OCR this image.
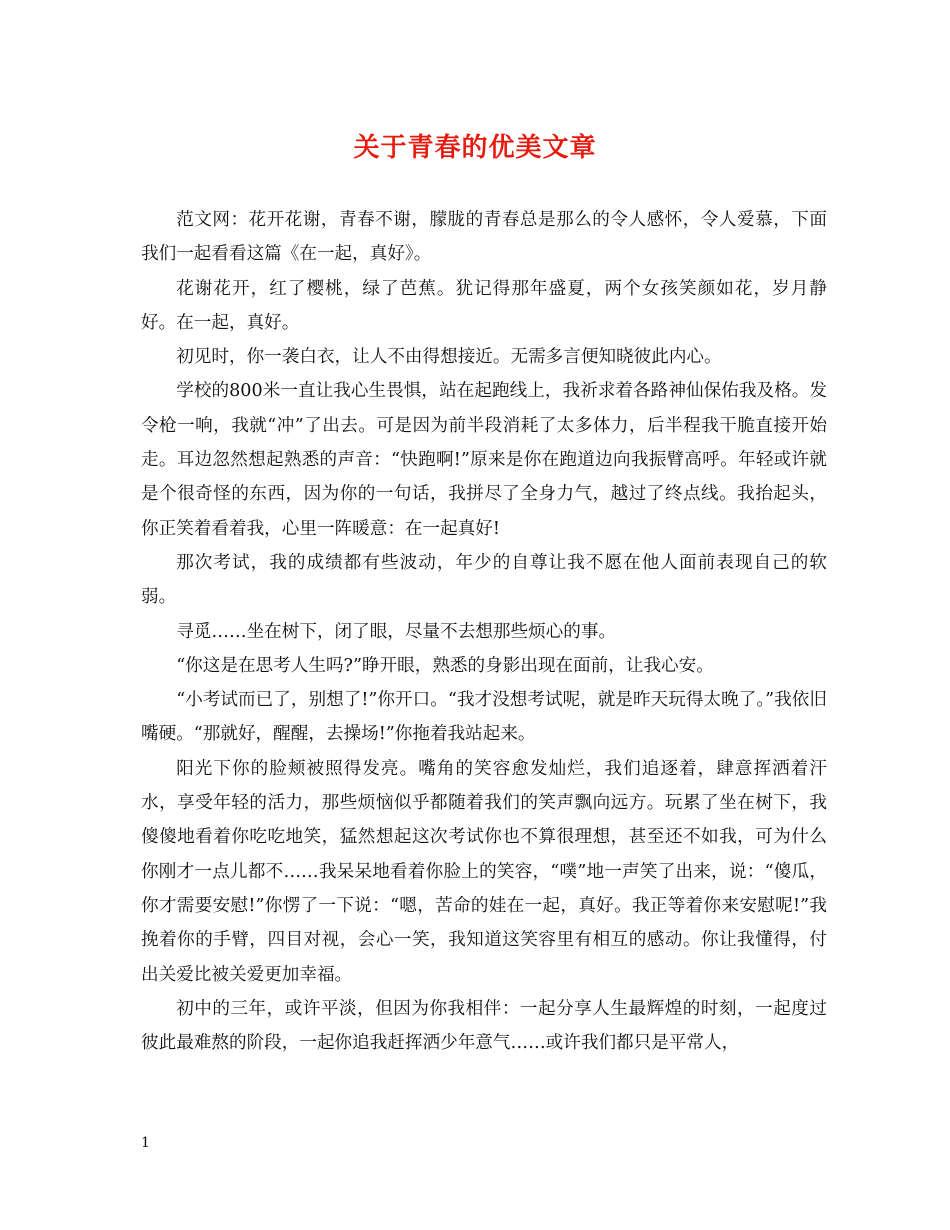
关于青春的优美文章

范文网：花开花谢，青春不谢，朦胧的青春总是那么的令人感怀，令人爱慕，下面我们一起看看这篇《在一起，真好》。

花谢花开，红了樱桃，绿了芭蕉。犹记得那年盛夏，两个女孩笑颜如花，岁月静好。在一起，真好。

初见时，你一袭白衣，让人不由得想接近。无需多言便知晓彼此内心。

学校的800米一直让我心生畏惧，站在起跑线上，我祈求着各路神仙保佑我及格。发令枪一响，我就“冲”了出去。可是因为前半段消耗了太多体力，后半程我干脆直接开始走。耳边忽然想起熟悉的声音：“快跑啊!”原来是你在跑道边向我振臂高呼。年轻或许就是个很奇怪的东西，因为你的一句话，我拼尽了全身力气，越过了终点线。我抬起头，你正笑着看着我，心里一阵暖意：在一起真好!

那次考试，我的成绩都有些波动，年少的自尊让我不愿在他人面前表现自己的软弱。

寻觅……坐在树下，闭了眼，尽量不去想那些烦心的事。

“你这是在思考人生吗?”睁开眼，熟悉的身影出现在面前，让我心安。

“小考试而已了，别想了!”你开口。“我才没想考试呢，就是昨天玩得太晚了。”我依旧嘴硬。“那就好，醒醒，去操场!”你拖着我站起来。

阳光下你的脸颊被照得发亮。嘴角的笑容愈发灿烂，我们追逐着，肆意挥洒着汗水，享受年轻的活力，那些烦恼似乎都随着我们的笑声飘向远方。玩累了坐在树下，我傻傻地看着你吃吃地笑，猛然想起这次考试你也不算很理想，甚至还不如我，可为什么你刚才一点儿都不……我呆呆地看着你脸上的笑容，“噗”地一声笑了出来，说：“傻瓜，你才需要安慰!”你愣了一下说：“嗯，苦命的娃在一起，真好。我正等着你来安慰呢!”我挽着你的手臂，四目对视，会心一笑，我知道这笑容里有相互的感动。你让我懂得，付出关爱比被关爱更加幸福。

初中的三年，或许平淡，但因为你我相伴：一起分享人生最辉煌的时刻，一起度过彼此最难熬的阶段，一起你追我赶挥洒少年意气……或许我们都只是平常人，

1
